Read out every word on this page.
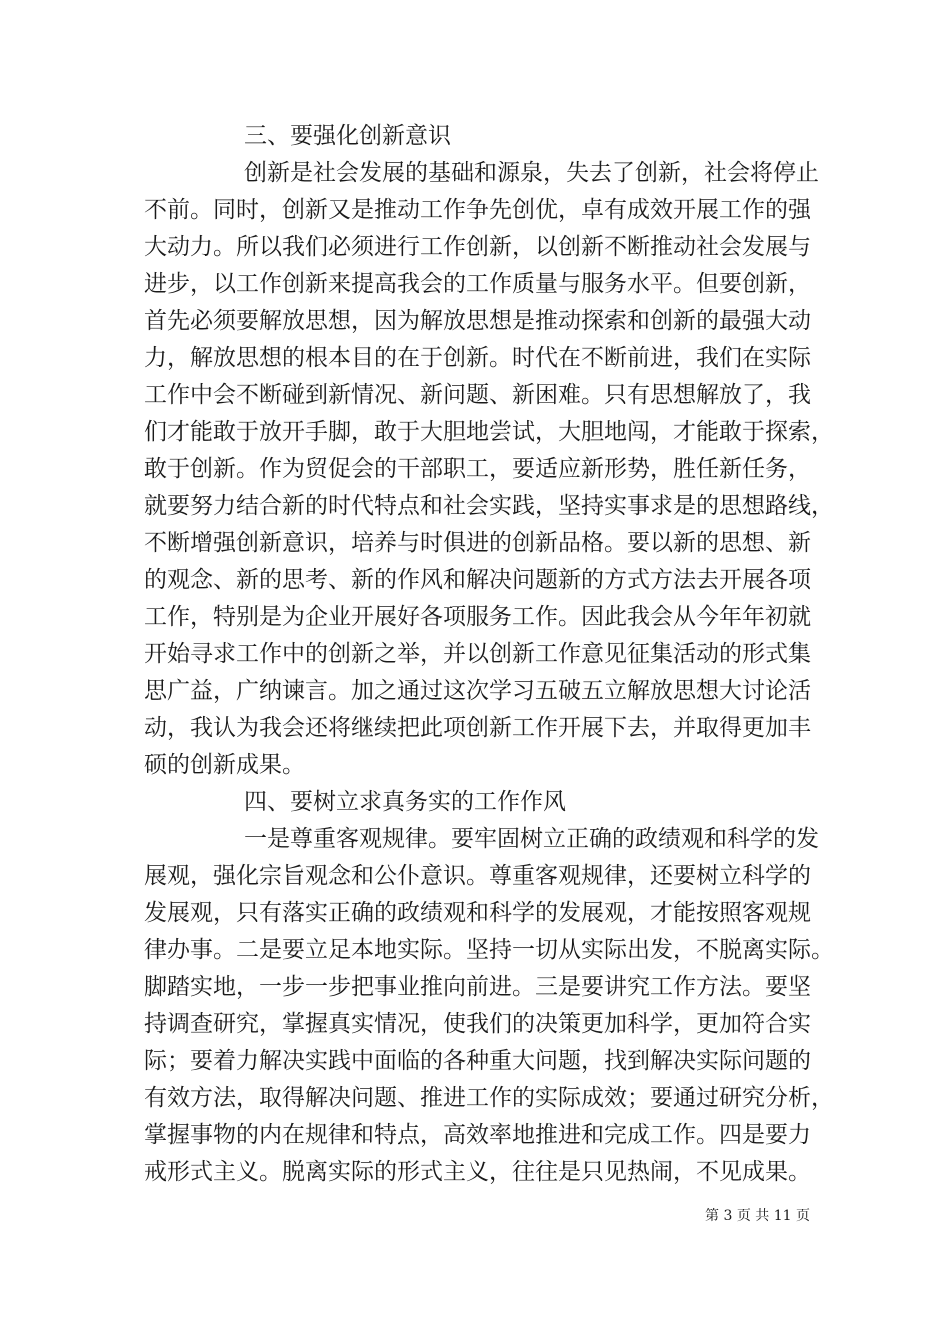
三、要强化创新意识
创新是社会发展的基础和源泉，失去了创新，社会将停止
不前。同时，创新又是推动工作争先创优，卓有成效开展工作的强
大动力。所以我们必须进行工作创新，以创新不断推动社会发展与
进步，以工作创新来提高我会的工作质量与服务水平。但要创新，
首先必须要解放思想，因为解放思想是推动探索和创新的最强大动
力，解放思想的根本目的在于创新。时代在不断前进，我们在实际
工作中会不断碰到新情况、新问题、新困难。只有思想解放了，我
们才能敢于放开手脚，敢于大胆地尝试，大胆地闯，才能敢于探索，
敢于创新。作为贸促会的干部职工，要适应新形势，胜任新任务，
就要努力结合新的时代特点和社会实践，坚持实事求是的思想路线，
不断增强创新意识，培养与时俱进的创新品格。要以新的思想、新
的观念、新的思考、新的作风和解决问题新的方式方法去开展各项
工作，特别是为企业开展好各项服务工作。因此我会从今年年初就
开始寻求工作中的创新之举，并以创新工作意见征集活动的形式集
思广益，广纳谏言。加之通过这次学习五破五立解放思想大讨论活
动，我认为我会还将继续把此项创新工作开展下去，并取得更加丰
硕的创新成果。
四、要树立求真务实的工作作风
一是尊重客观规律。要牢固树立正确的政绩观和科学的发
展观，强化宗旨观念和公仆意识。尊重客观规律，还要树立科学的
发展观，只有落实正确的政绩观和科学的发展观，才能按照客观规
律办事。二是要立足本地实际。坚持一切从实际出发，不脱离实际。
脚踏实地，一步一步把事业推向前进。三是要讲究工作方法。要坚
持调查研究，掌握真实情况，使我们的决策更加科学，更加符合实
际；要着力解决实践中面临的各种重大问题，找到解决实际问题的
有效方法，取得解决问题、推进工作的实际成效；要通过研究分析，
掌握事物的内在规律和特点，高效率地推进和完成工作。四是要力
戒形式主义。脱离实际的形式主义，往往是只见热闹，不见成果。
第 3 页 共 11 页
